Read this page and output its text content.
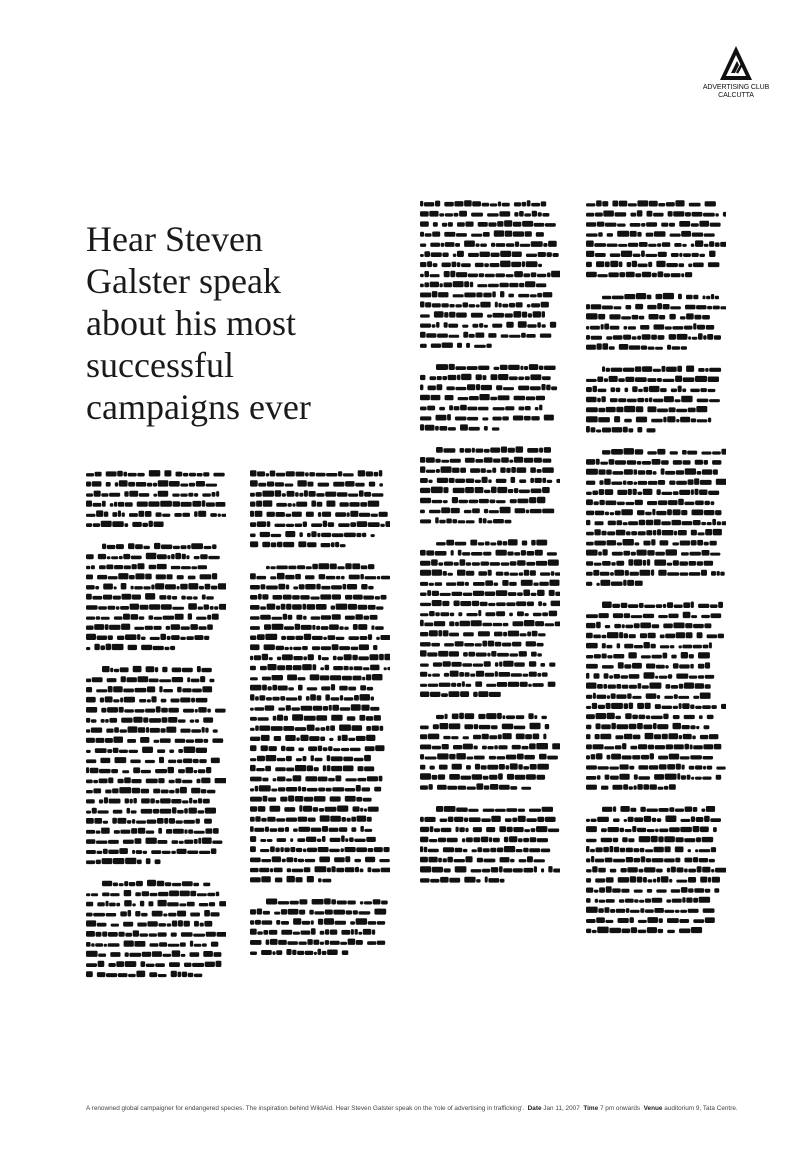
ADVERTISING CLUB
CALCUTTA
Hear Steven
Galster speak
about his most
successful
campaigns ever
A renowned global campaigner for endangered species. The inspiration behind WildAid. Hear Steven Galster speak on the 'role of advertising in trafficking'. Date Jan 11, 2007 Time 7 pm onwards Venue auditorium 9, Tata Centre.
